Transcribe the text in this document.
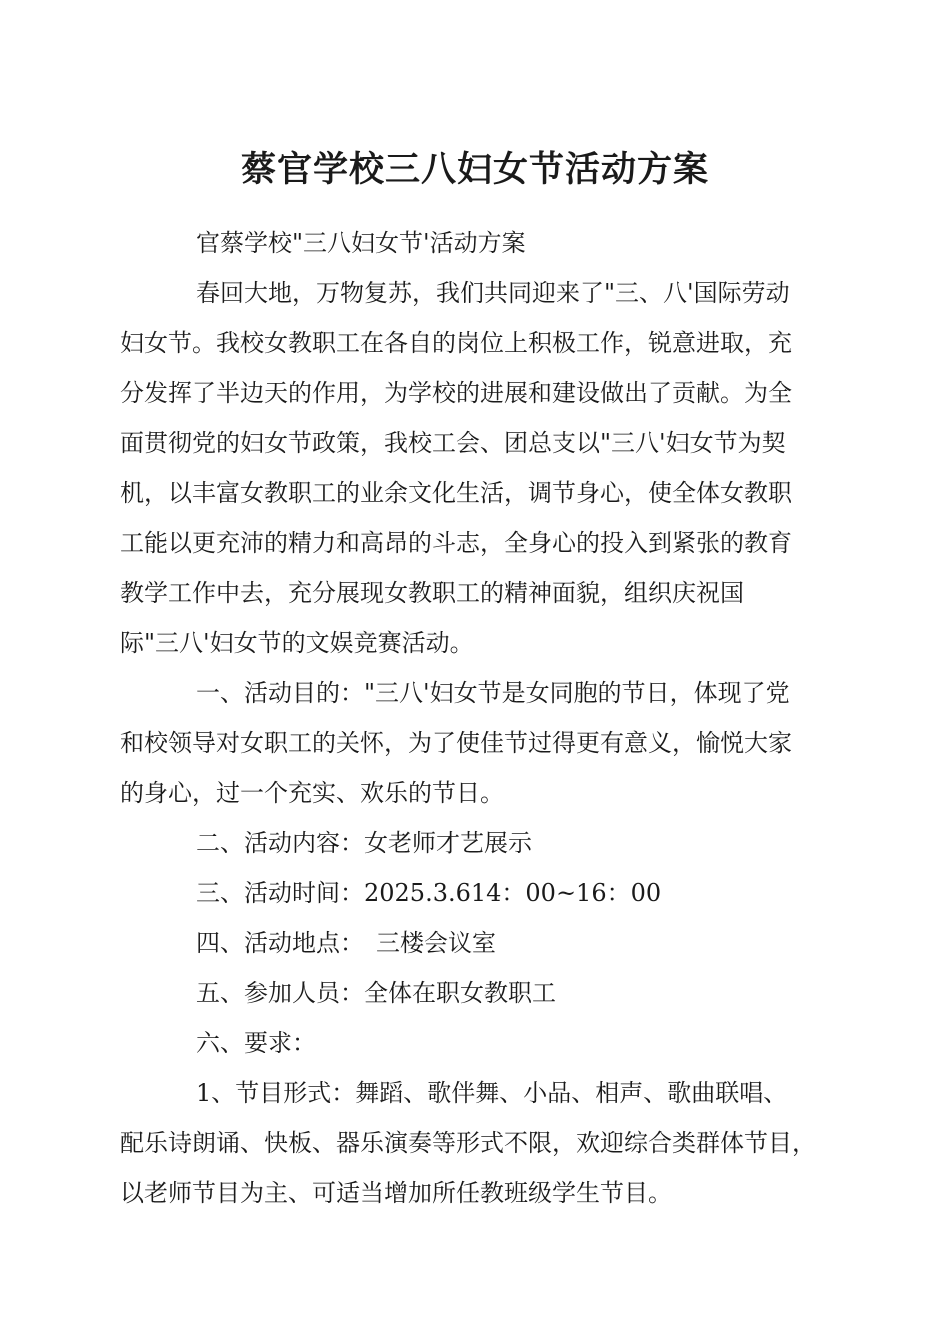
蔡官学校三八妇女节活动方案

官蔡学校"三八妇女节'活动方案

春回大地，万物复苏，我们共同迎来了"三、八'国际劳动
妇女节。我校女教职工在各自的岗位上积极工作，锐意进取，充
分发挥了半边天的作用，为学校的进展和建设做出了贡献。为全
面贯彻党的妇女节政策，我校工会、团总支以"三八'妇女节为契
机，以丰富女教职工的业余文化生活，调节身心，使全体女教职
工能以更充沛的精力和高昂的斗志，全身心的投入到紧张的教育
教学工作中去，充分展现女教职工的精神面貌，组织庆祝国
际"三八'妇女节的文娱竞赛活动。

一、活动目的："三八'妇女节是女同胞的节日，体现了党
和校领导对女职工的关怀，为了使佳节过得更有意义，愉悦大家
的身心，过一个充实、欢乐的节日。

二、活动内容：女老师才艺展示

三、活动时间：2025.3.614：00~16：00

四、活动地点：　三楼会议室

五、参加人员：全体在职女教职工

六、要求：

1、节目形式：舞蹈、歌伴舞、小品、相声、歌曲联唱、
配乐诗朗诵、快板、器乐演奏等形式不限，欢迎综合类群体节目，
以老师节目为主、可适当增加所任教班级学生节目。
